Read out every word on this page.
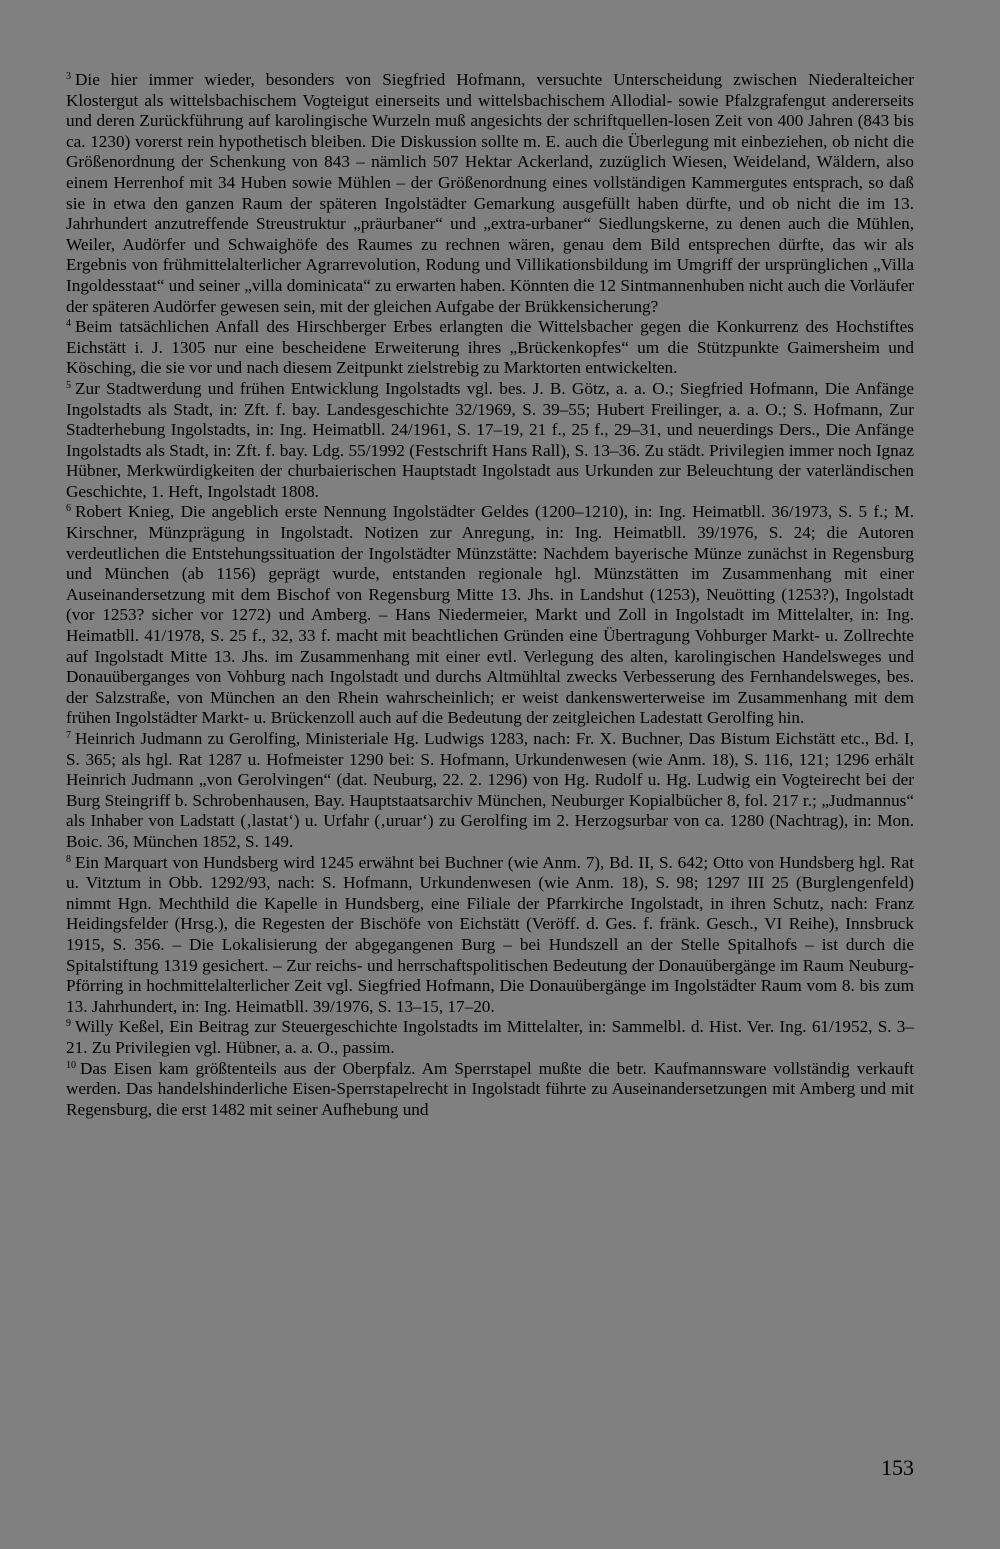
$^3$ Die hier immer wieder, besonders von Siegfried Hofmann, versuchte Unterscheidung zwischen Niederalteicher Klostergut als wittelsbachischem Vogteigut einerseits und wittelsbachischem Allodial- sowie Pfalzgrafengut andererseits und deren Zurückführung auf karolingische Wurzeln muß angesichts der schriftquellen-losen Zeit von 400 Jahren (843 bis ca. 1230) vorerst rein hypothetisch bleiben. Die Diskussion sollte m. E. auch die Überlegung mit einbeziehen, ob nicht die Größenordnung der Schenkung von 843 – nämlich 507 Hektar Ackerland, zuzüglich Wiesen, Weideland, Wäldern, also einem Herrenhof mit 34 Huben sowie Mühlen – der Größenordnung eines vollständigen Kammergutes entsprach, so daß sie in etwa den ganzen Raum der späteren Ingolstädter Gemarkung ausgefüllt haben dürfte, und ob nicht die im 13. Jahrhundert anzutreffende Streustruktur „präurbaner“ und „extra-urbaner“ Siedlungskerne, zu denen auch die Mühlen, Weiler, Audörfer und Schwaighöfe des Raumes zu rechnen wären, genau dem Bild entsprechen dürfte, das wir als Ergebnis von frühmittelalterlicher Agrarrevolution, Rodung und Villikationsbildung im Umgriff der ursprünglichen „Villa Ingoldesstaat“ und seiner „villa dominicata“ zu erwarten haben. Könnten die 12 Sintmannenhuben nicht auch die Vorläufer der späteren Audörfer gewesen sein, mit der gleichen Aufgabe der Brükkensicherung?

$^4$ Beim tatsächlichen Anfall des Hirschberger Erbes erlangten die Wittelsbacher gegen die Konkurrenz des Hochstiftes Eichstätt i. J. 1305 nur eine bescheidene Erweiterung ihres „Brückenkopfes“ um die Stützpunkte Gaimersheim und Kösching, die sie vor und nach diesem Zeitpunkt zielstrebig zu Marktorten entwickelten.

$^5$ Zur Stadtwerdung und frühen Entwicklung Ingolstadts vgl. bes. J. B. Götz, a. a. O.; Siegfried Hofmann, Die Anfänge Ingolstadts als Stadt, in: Zft. f. bay. Landesgeschichte 32/1969, S. 39–55; Hubert Freilinger, a. a. O.; S. Hofmann, Zur Stadterhebung Ingolstadts, in: Ing. Heimatbll. 24/1961, S. 17–19, 21 f., 25 f., 29–31, und neuerdings Ders., Die Anfänge Ingolstadts als Stadt, in: Zft. f. bay. Ldg. 55/1992 (Festschrift Hans Rall), S. 13–36. Zu städt. Privilegien immer noch Ignaz Hübner, Merkwürdigkeiten der churbaierischen Hauptstadt Ingolstadt aus Urkunden zur Beleuchtung der vaterländischen Geschichte, 1. Heft, Ingolstadt 1808.

$^6$ Robert Knieg, Die angeblich erste Nennung Ingolstädter Geldes (1200–1210), in: Ing. Heimatbll. 36/1973, S. 5 f.; M. Kirschner, Münzprägung in Ingolstadt. Notizen zur Anregung, in: Ing. Heimatbll. 39/1976, S. 24; die Autoren verdeutlichen die Entstehungssituation der Ingolstädter Münzstätte: Nachdem bayerische Münze zunächst in Regensburg und München (ab 1156) geprägt wurde, entstanden regionale hgl. Münzstätten im Zusammenhang mit einer Auseinandersetzung mit dem Bischof von Regensburg Mitte 13. Jhs. in Landshut (1253), Neuötting (1253?), Ingolstadt (vor 1253? sicher vor 1272) und Amberg. – Hans Niedermeier, Markt und Zoll in Ingolstadt im Mittelalter, in: Ing. Heimatbll. 41/1978, S. 25 f., 32, 33 f. macht mit beachtlichen Gründen eine Übertragung Vohburger Markt- u. Zollrechte auf Ingolstadt Mitte 13. Jhs. im Zusammenhang mit einer evtl. Verlegung des alten, karolingischen Handelsweges und Donauüberganges von Vohburg nach Ingolstadt und durchs Altmühltal zwecks Verbesserung des Fernhandelsweges, bes. der Salzstraße, von München an den Rhein wahrscheinlich; er weist dankenswerterweise im Zusammenhang mit dem frühen Ingolstädter Markt- u. Brückenzoll auch auf die Bedeutung der zeitgleichen Ladestatt Gerolfing hin.

$^7$ Heinrich Judmann zu Gerolfing, Ministeriale Hg. Ludwigs 1283, nach: Fr. X. Buchner, Das Bistum Eichstätt etc., Bd. I, S. 365; als hgl. Rat 1287 u. Hofmeister 1290 bei: S. Hofmann, Urkundenwesen (wie Anm. 18), S. 116, 121; 1296 erhält Heinrich Judmann „von Gerolvingen“ (dat. Neuburg, 22. 2. 1296) von Hg. Rudolf u. Hg. Ludwig ein Vogteirecht bei der Burg Steingriff b. Schrobenhausen, Bay. Hauptstaatsarchiv München, Neuburger Kopialbücher 8, fol. 217 r.; „Judmannus“ als Inhaber von Ladstatt (‚lastat‘) u. Urfahr (‚uruar‘) zu Gerolfing im 2. Herzogsurbar von ca. 1280 (Nachtrag), in: Mon. Boic. 36, München 1852, S. 149.

$^8$ Ein Marquart von Hundsberg wird 1245 erwähnt bei Buchner (wie Anm. 7), Bd. II, S. 642; Otto von Hundsberg hgl. Rat u. Vitztum in Obb. 1292/93, nach: S. Hofmann, Urkundenwesen (wie Anm. 18), S. 98; 1297 III 25 (Burglengenfeld) nimmt Hgn. Mechthild die Kapelle in Hundsberg, eine Filiale der Pfarrkirche Ingolstadt, in ihren Schutz, nach: Franz Heidingsfelder (Hrsg.), die Regesten der Bischöfe von Eichstätt (Veröff. d. Ges. f. fränk. Gesch., VI Reihe), Innsbruck 1915, S. 356. – Die Lokalisierung der abgegangenen Burg – bei Hundszell an der Stelle Spitalhofs – ist durch die Spitalstiftung 1319 gesichert. – Zur reichs- und herrschaftspolitischen Bedeutung der Donauübergänge im Raum Neuburg-Pförring in hochmittelalterlicher Zeit vgl. Siegfried Hofmann, Die Donauübergänge im Ingolstädter Raum vom 8. bis zum 13. Jahrhundert, in: Ing. Heimatbll. 39/1976, S. 13–15, 17–20.

$^9$ Willy Keßel, Ein Beitrag zur Steuergeschichte Ingolstadts im Mittelalter, in: Sammelbl. d. Hist. Ver. Ing. 61/1952, S. 3–21. Zu Privilegien vgl. Hübner, a. a. O., passim.

$^{10}$ Das Eisen kam größtenteils aus der Oberpfalz. Am Sperrstapel mußte die betr. Kaufmannsware vollständig verkauft werden. Das handelshinderliche Eisen-Sperrstapelrecht in Ingolstadt führte zu Auseinandersetzungen mit Amberg und mit Regensburg, die erst 1482 mit seiner Aufhebung und

153
